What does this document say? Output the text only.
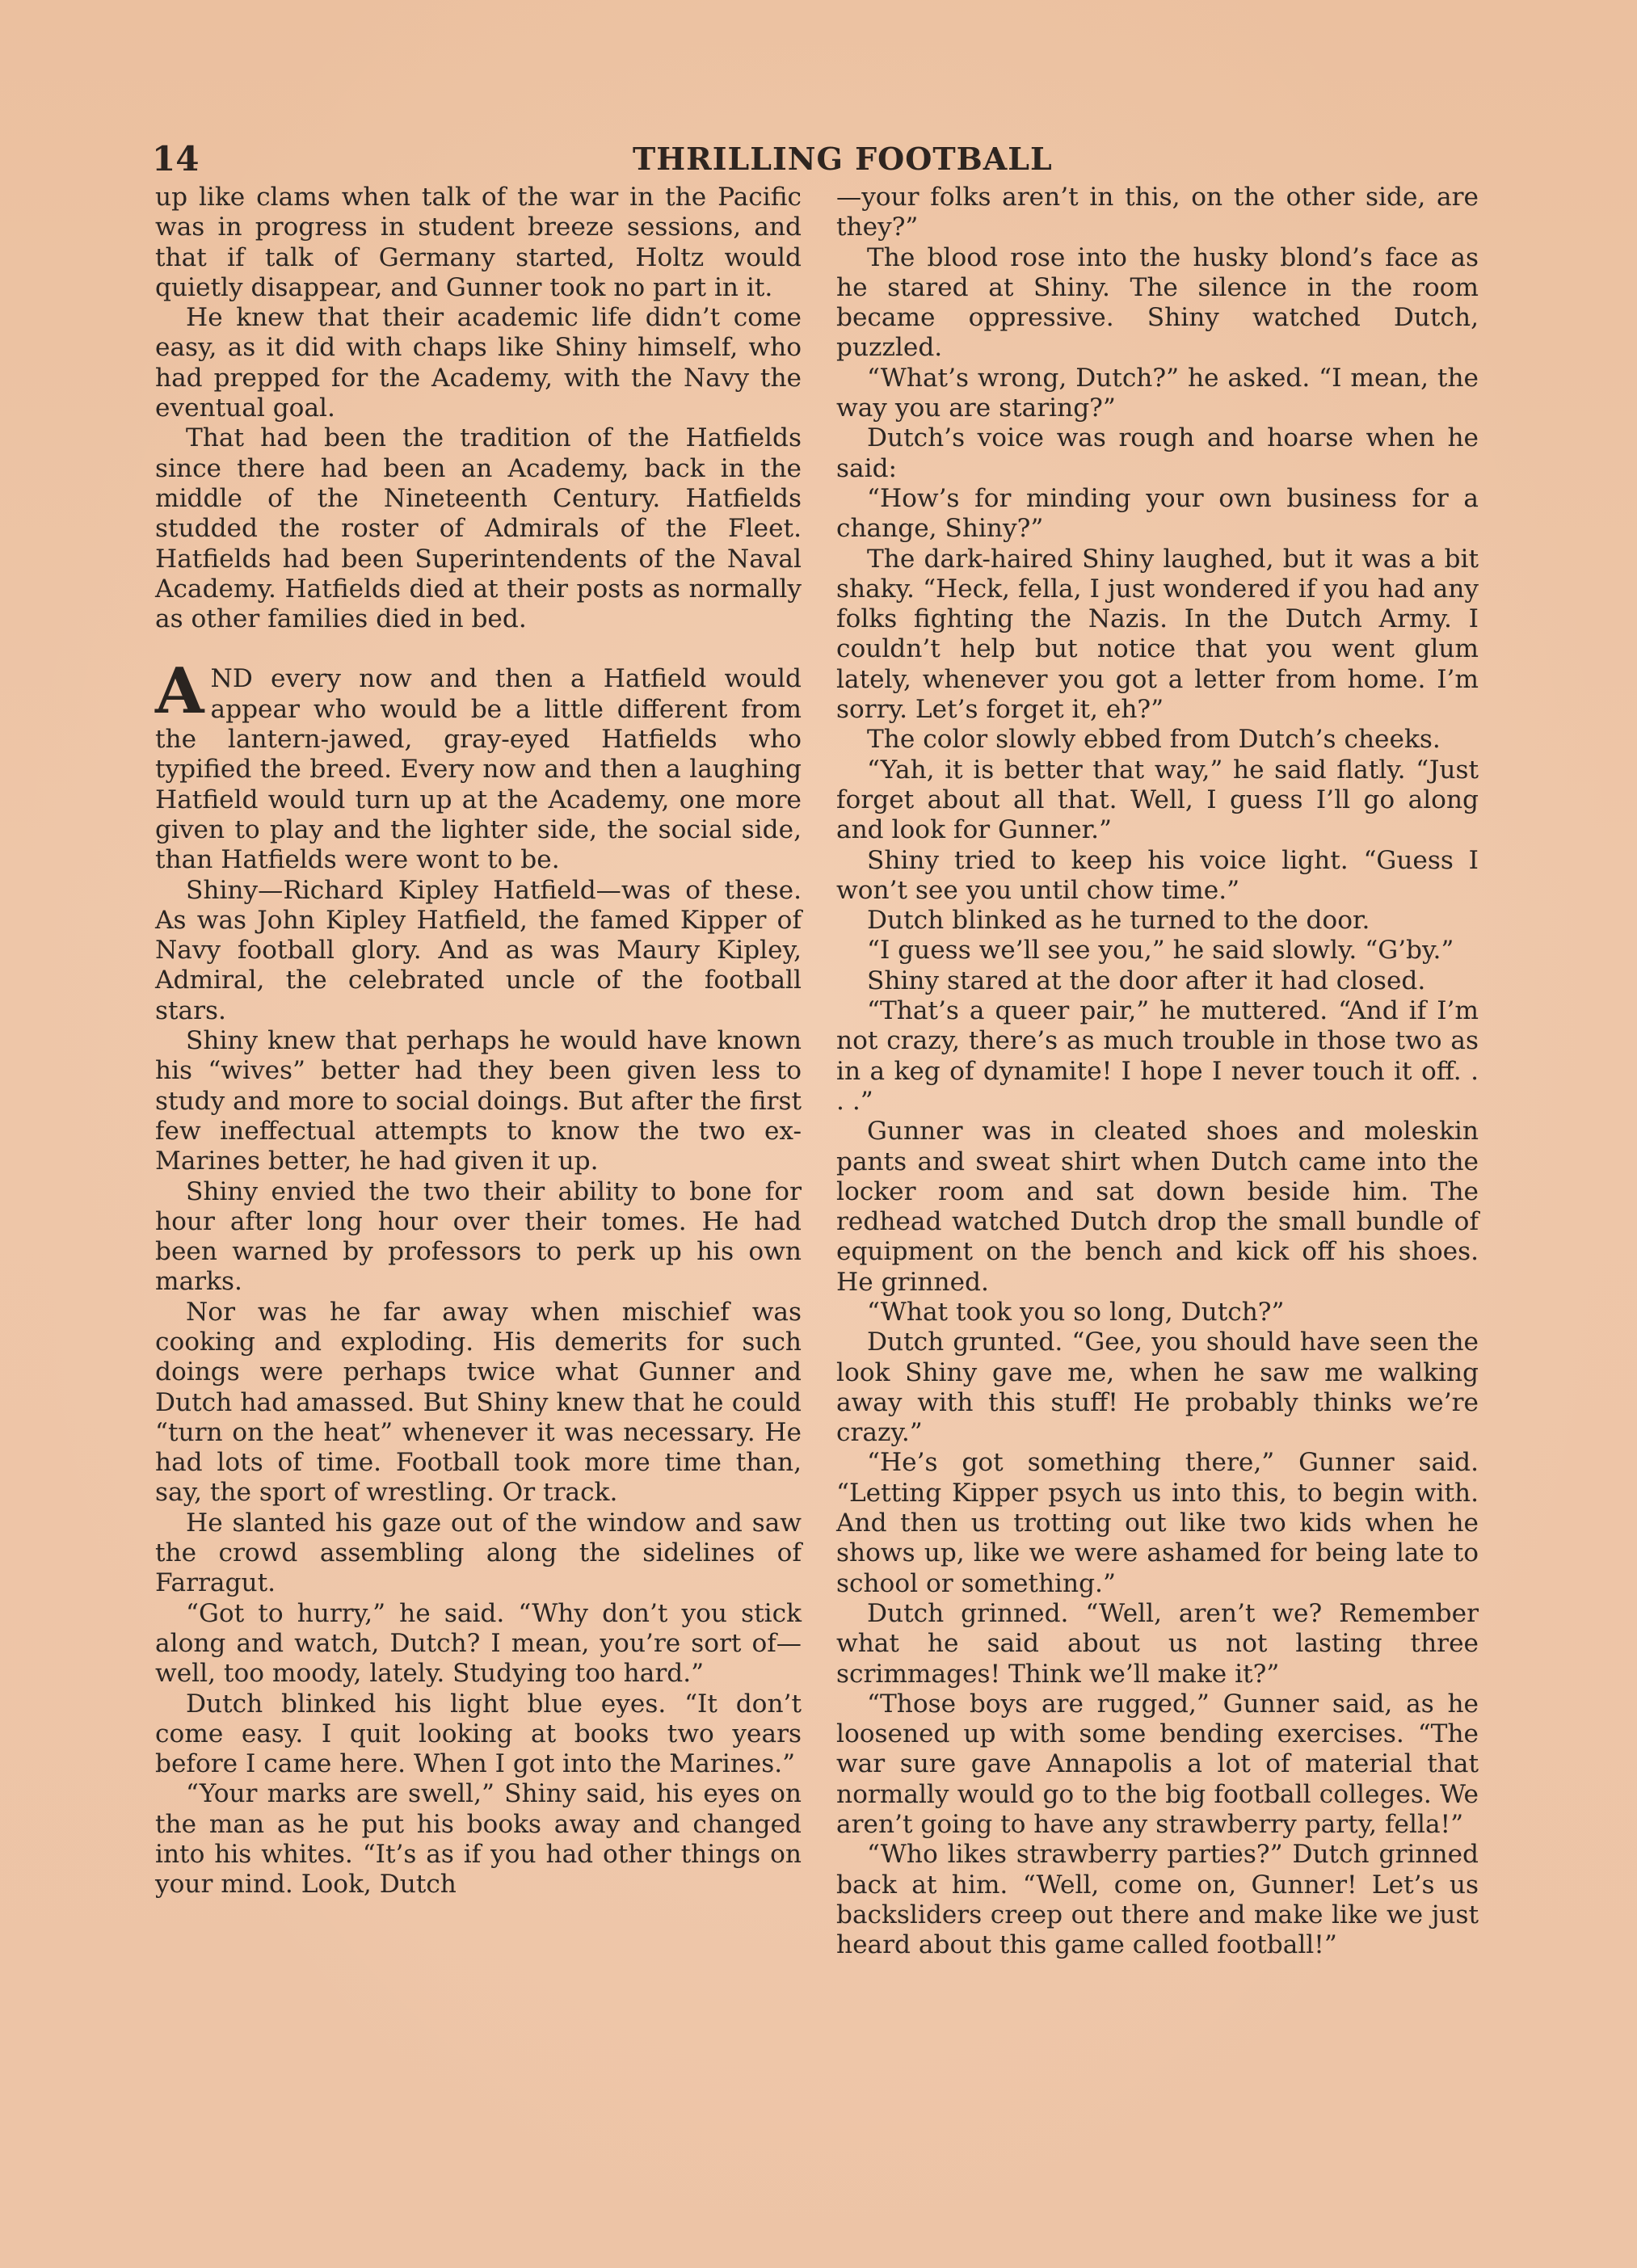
14	THRILLING FOOTBALL

up like clams when talk of the war in the Pacific was in progress in student breeze sessions, and that if talk of Germany started, Holtz would quietly disappear, and Gunner took no part in it.

He knew that their academic life didn’t come easy, as it did with chaps like Shiny himself, who had prepped for the Academy, with the Navy the eventual goal.

That had been the tradition of the Hatfields since there had been an Academy, back in the middle of the Nineteenth Century. Hatfields studded the roster of Admirals of the Fleet. Hatfields had been Superintendents of the Naval Academy. Hatfields died at their posts as normally as other families died in bed.

AND every now and then a Hatfield would appear who would be a little different from the lantern-jawed, gray-eyed Hatfields who typified the breed. Every now and then a laughing Hatfield would turn up at the Academy, one more given to play and the lighter side, the social side, than Hatfields were wont to be.

Shiny—Richard Kipley Hatfield—was of these. As was John Kipley Hatfield, the famed Kipper of Navy football glory. And as was Maury Kipley, Admiral, the celebrated uncle of the football stars.

Shiny knew that perhaps he would have known his “wives” better had they been given less to study and more to social doings. But after the first few ineffectual attempts to know the two ex-Marines better, he had given it up.

Shiny envied the two their ability to bone for hour after long hour over their tomes. He had been warned by professors to perk up his own marks.

Nor was he far away when mischief was cooking and exploding. His demerits for such doings were perhaps twice what Gunner and Dutch had amassed. But Shiny knew that he could “turn on the heat” whenever it was necessary. He had lots of time. Football took more time than, say, the sport of wrestling. Or track.

He slanted his gaze out of the window and saw the crowd assembling along the sidelines of Farragut.

“Got to hurry,” he said. “Why don’t you stick along and watch, Dutch? I mean, you’re sort of—well, too moody, lately. Studying too hard.”

Dutch blinked his light blue eyes. “It don’t come easy. I quit looking at books two years before I came here. When I got into the Marines.”

“Your marks are swell,” Shiny said, his eyes on the man as he put his books away and changed into his whites. “It’s as if you had other things on your mind. Look, Dutch

—your folks aren’t in this, on the other side, are they?”

The blood rose into the husky blond’s face as he stared at Shiny. The silence in the room became oppressive. Shiny watched Dutch, puzzled.

“What’s wrong, Dutch?” he asked. “I mean, the way you are staring?”

Dutch’s voice was rough and hoarse when he said:

“How’s for minding your own business for a change, Shiny?”

The dark-haired Shiny laughed, but it was a bit shaky. “Heck, fella, I just wondered if you had any folks fighting the Nazis. In the Dutch Army. I couldn’t help but notice that you went glum lately, whenever you got a letter from home. I’m sorry. Let’s forget it, eh?”

The color slowly ebbed from Dutch’s cheeks.

“Yah, it is better that way,” he said flatly. “Just forget about all that. Well, I guess I’ll go along and look for Gunner.”

Shiny tried to keep his voice light. “Guess I won’t see you until chow time.”

Dutch blinked as he turned to the door.

“I guess we’ll see you,” he said slowly. “G’by.”

Shiny stared at the door after it had closed.

“That’s a queer pair,” he muttered. “And if I’m not crazy, there’s as much trouble in those two as in a keg of dynamite! I hope I never touch it off. . . .”

Gunner was in cleated shoes and moleskin pants and sweat shirt when Dutch came into the locker room and sat down beside him. The redhead watched Dutch drop the small bundle of equipment on the bench and kick off his shoes. He grinned.

“What took you so long, Dutch?”

Dutch grunted. “Gee, you should have seen the look Shiny gave me, when he saw me walking away with this stuff! He probably thinks we’re crazy.”

“He’s got something there,” Gunner said. “Letting Kipper psych us into this, to begin with. And then us trotting out like two kids when he shows up, like we were ashamed for being late to school or something.”

Dutch grinned. “Well, aren’t we? Remember what he said about us not lasting three scrimmages! Think we’ll make it?”

“Those boys are rugged,” Gunner said, as he loosened up with some bending exercises. “The war sure gave Annapolis a lot of material that normally would go to the big football colleges. We aren’t going to have any strawberry party, fella!”

“Who likes strawberry parties?” Dutch grinned back at him. “Well, come on, Gunner! Let’s us backsliders creep out there and make like we just heard about this game called football!”
